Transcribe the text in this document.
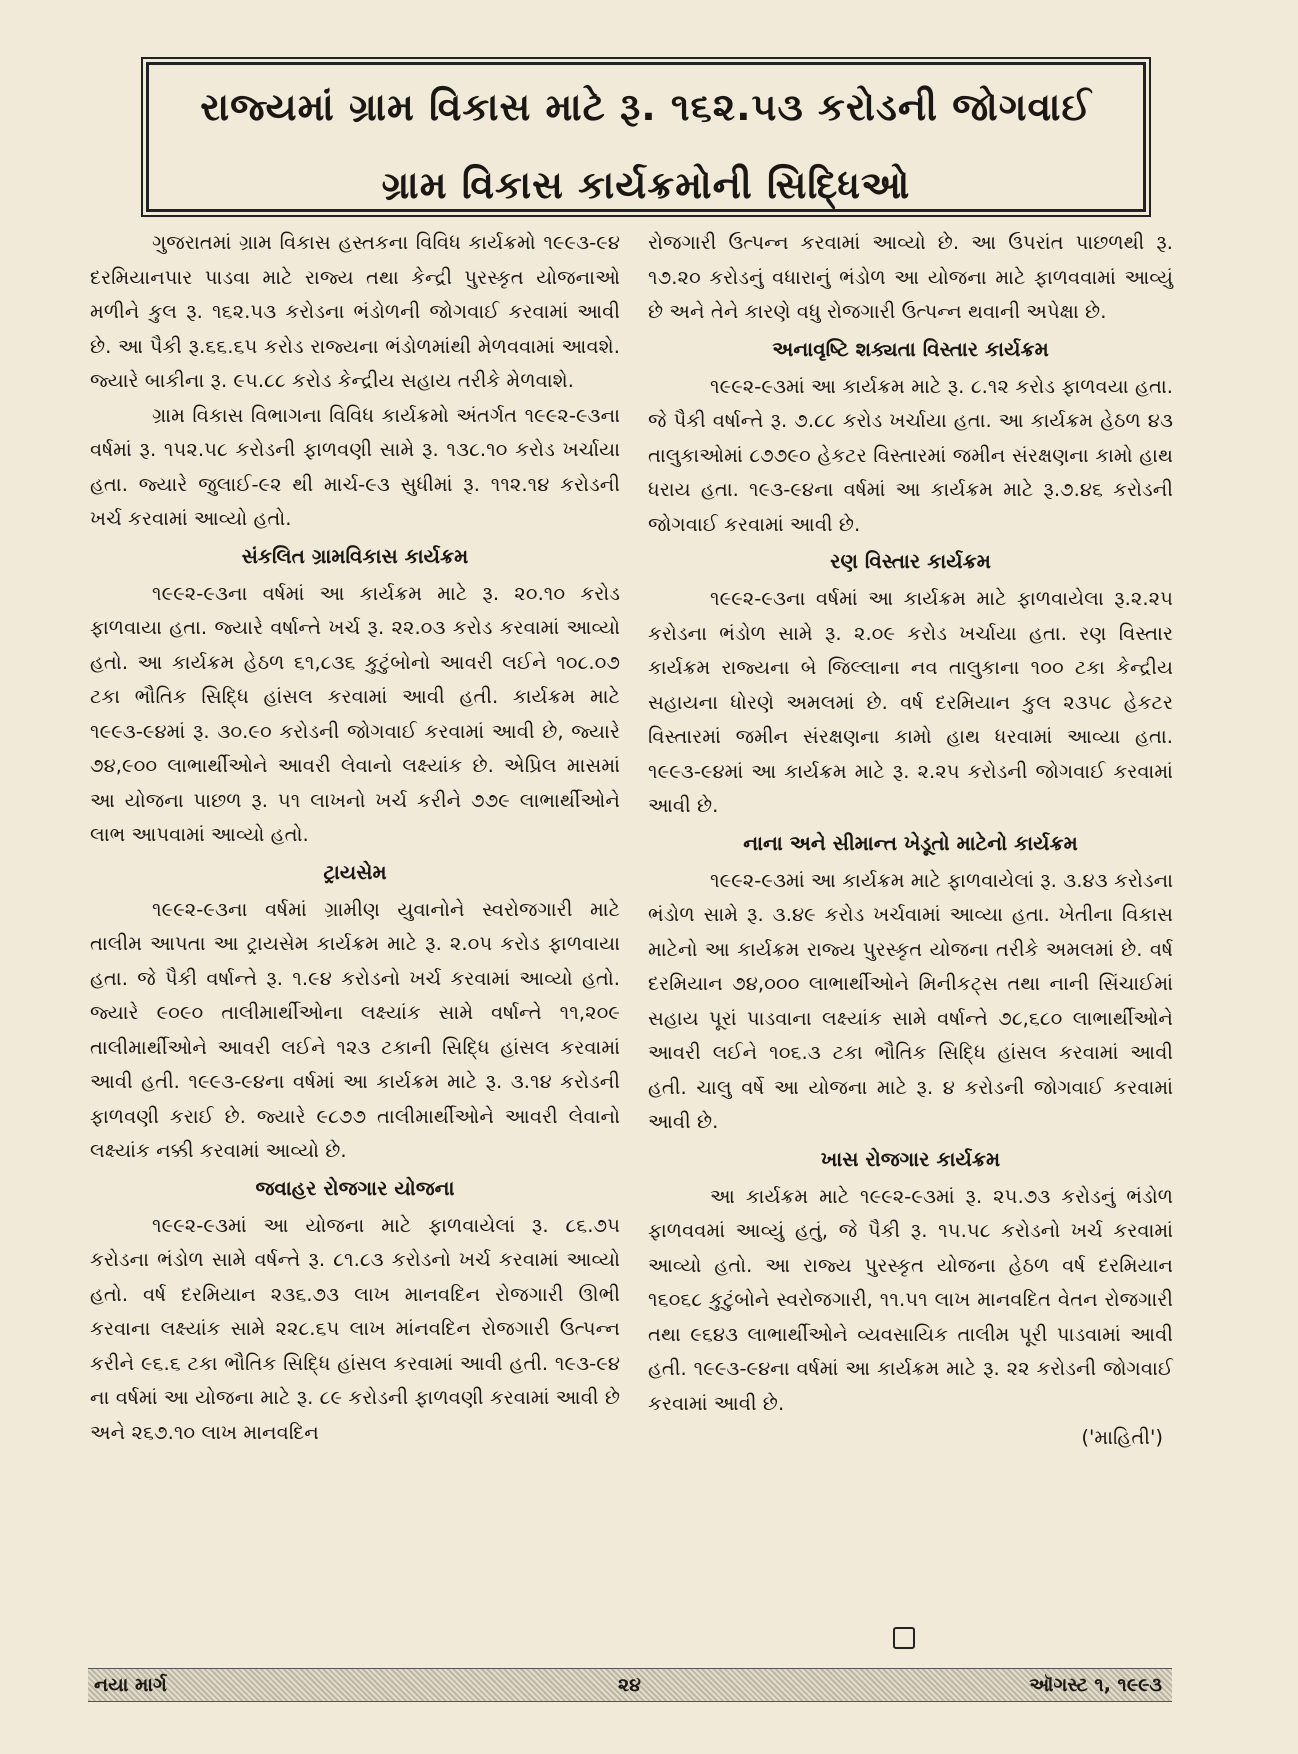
રાજ્યમાં ગ્રામ વિકાસ માટે રૂ. ૧૬૨.૫૩ કરોડની જોગવાઈ
ગ્રામ વિકાસ કાર્યક્રમોની સિદ્ધિઓ

ગુજરાતમાં ગ્રામ વિકાસ હસ્તકના વિવિધ કાર્યક્રમો ૧૯૯૩-૯૪ દરમિયાનપાર પાડવા માટે રાજ્ય તથા કેન્દ્રી પુરસ્કૃત યોજનાઓ મળીને કુલ રૂ. ૧૬૨.૫૩ કરોડના ભંડોળની જોગવાઈ કરવામાં આવી છે. આ પૈકી રૂ.૬૬.૬૫ કરોડ રાજ્યના ભંડોળમાંથી મેળવવામાં આવશે. જ્યારે બાકીના રૂ. ૯૫.૮૮ કરોડ કેન્દ્રીય સહાય તરીકે મેળવાશે.

ગ્રામ વિકાસ વિભાગના વિવિધ કાર્યક્રમો અંતર્ગત ૧૯૯૨-૯૩ના વર્ષમાં રૂ. ૧૫૨.૫૮ કરોડની ફાળવણી સામે રૂ. ૧૩૮.૧૦ કરોડ ખર્ચાયા હતા. જ્યારે જુલાઈ-૯૨ થી માર્ચ-૯૩ સુધીમાં રૂ. ૧૧૨.૧૪ કરોડની ખર્ચ કરવામાં આવ્યો હતો.

સંકલિત ગ્રામવિકાસ કાર્યક્રમ

૧૯૯૨-૯૩ના વર્ષમાં આ કાર્યક્રમ માટે રૂ. ૨૦.૧૦ કરોડ ફાળવાયા હતા. જ્યારે વર્ષાન્તે ખર્ચ રૂ. ૨૨.૦૩ કરોડ કરવામાં આવ્યો હતો. આ કાર્યક્રમ હેઠળ ૬૧,૮૩૬ કુટુંબોનો આવરી લઈને ૧૦૮.૦૭ ટકા ભૌતિક સિદ્ધિ હાંસલ કરવામાં આવી હતી. કાર્યક્રમ માટે ૧૯૯૩-૯૪માં રૂ. ૩૦.૯૦ કરોડની જોગવાઈ કરવામાં આવી છે, જ્યારે ૭૪,૯૦૦ લાભાર્થીઓને આવરી લેવાનો લક્ષ્યાંક છે. એપ્રિલ માસમાં આ યોજના પાછળ રૂ. ૫૧ લાખનો ખર્ચ કરીને ૭૭૯ લાભાર્થીઓને લાભ આપવામાં આવ્યો હતો.

ટ્રાયસેમ

૧૯૯૨-૯૩ના વર્ષમાં ગ્રામીણ યુવાનોને સ્વરોજગારી માટે તાલીમ આપતા આ ટ્રાયસેમ કાર્યક્રમ માટે રૂ. ૨.૦૫ કરોડ ફાળવાયા હતા. જે પૈકી વર્ષાન્તે રૂ. ૧.૯૪ કરોડનો ખર્ચ કરવામાં આવ્યો હતો. જ્યારે ૯૦૯૦ તાલીમાર્થીઓના લક્ષ્યાંક સામે વર્ષાન્તે ૧૧,૨૦૯ તાલીમાર્થીઓને આવરી લઈને ૧૨૩ ટકાની સિદ્ધિ હાંસલ કરવામાં આવી હતી. ૧૯૯૩-૯૪ના વર્ષમાં આ કાર્યક્રમ માટે રૂ. ૩.૧૪ કરોડની ફાળવણી કરાઈ છે. જ્યારે ૯૮૭૭ તાલીમાર્થીઓને આવરી લેવાનો લક્ષ્યાંક નક્કી કરવામાં આવ્યો છે.

જવાહર રોજગાર યોજના

૧૯૯૨-૯૩માં આ યોજના માટે ફાળવાયેલાં રૂ. ૮૬.૭૫ કરોડના ભંડોળ સામે વર્ષન્તે રૂ. ૮૧.૮૩ કરોડનો ખર્ચ કરવામાં આવ્યો હતો. વર્ષ દરમિયાન ૨૩૬.૭૩ લાખ માનવદિન રોજગારી ઊભી કરવાના લક્ષ્યાંક સામે ૨૨૮.૬૫ લાખ માંનવદિન રોજગારી ઉત્પન્ન કરીને ૯૬.૬ ટકા ભૌતિક સિદ્ધિ હાંસલ કરવામાં આવી હતી. ૧૯૩-૯૪ ના વર્ષમાં આ યોજના માટે રૂ. ૮૯ કરોડની ફાળવણી કરવામાં આવી છે અને ૨૬૭.૧૦ લાખ માનવદિન

રોજગારી ઉત્પન્ન કરવામાં આવ્યો છે. આ ઉપરાંત પાછળથી રૂ. ૧૭.૨૦ કરોડનું વધારાનું ભંડોળ આ યોજના માટે ફાળવવામાં આવ્યું છે અને તેને કારણે વધુ રોજગારી ઉત્પન્ન થવાની અપેક્ષા છે.

અનાવૃષ્ટિ શક્યતા વિસ્તાર કાર્યક્રમ

૧૯૯૨-૯૩માં આ કાર્યક્રમ માટે રૂ. ૮.૧૨ કરોડ ફાળવયા હતા. જે પૈકી વર્ષાન્તે રૂ. ૭.૮૮ કરોડ ખર્ચાયા હતા. આ કાર્યક્રમ હેઠળ ૪૩ તાલુકાઓમાં ૮૭૭૯૦ હેકટર વિસ્તારમાં જમીન સંરક્ષણના કામો હાથ ધરાય હતા. ૧૯૩-૯૪ના વર્ષમાં આ કાર્યક્રમ માટે રૂ.૭.૪૬ કરોડની જોગવાઈ કરવામાં આવી છે.

રણ વિસ્તાર કાર્યક્રમ

૧૯૯૨-૯૩ના વર્ષમાં આ કાર્યક્રમ માટે ફાળવાયેલા રૂ.૨.૨૫ કરોડના ભંડોળ સામે રૂ. ૨.૦૯ કરોડ ખર્ચાયા હતા. રણ વિસ્તાર કાર્યક્રમ રાજ્યના બે જિલ્લાના નવ તાલુકાના ૧૦૦ ટકા કેન્દ્રીય સહાયના ધોરણે અમલમાં છે. વર્ષ દરમિયાન કુલ ૨૩૫૮ હેકટર વિસ્તારમાં જમીન સંરક્ષણના કામો હાથ ધરવામાં આવ્યા હતા. ૧૯૯૩-૯૪માં આ કાર્યક્રમ માટે રૂ. ૨.૨૫ કરોડની જોગવાઈ કરવામાં આવી છે.

નાના અને સીમાન્ત ખેડૂતો માટેનો કાર્યક્રમ

૧૯૯૨-૯૩માં આ કાર્યક્રમ માટે ફાળવાયેલાં રૂ. ૩.૪૩ કરોડના ભંડોળ સામે રૂ. ૩.૪૯ કરોડ ખર્ચવામાં આવ્યા હતા. ખેતીના વિકાસ માટેનો આ કાર્યક્રમ રાજ્ય પુરસ્કૃત યોજના તરીકે અમલમાં છે. વર્ષ દરમિયાન ૭૪,૦૦૦ લાભાર્થીઓને મિનીકટ્સ તથા નાની સિંચાઈમાં સહાય પૂરાં પાડવાના લક્ષ્યાંક સામે વર્ષાન્તે ૭૮,૬૮૦ લાભાર્થીઓને આવરી લઈને ૧૦૬.૩ ટકા ભૌતિક સિદ્ધિ હાંસલ કરવામાં આવી હતી. ચાલુ વર્ષે આ યોજના માટે રૂ. ૪ કરોડની જોગવાઈ કરવામાં આવી છે.

ખાસ રોજગાર કાર્યક્રમ

આ કાર્યક્રમ માટે ૧૯૯૨-૯૩માં રૂ. ૨૫.૭૩ કરોડનું ભંડોળ ફાળવવમાં આવ્યું હતું, જે પૈકી રૂ. ૧૫.૫૮ કરોડનો ખર્ચ કરવામાં આવ્યો હતો. આ રાજ્ય પુરસ્કૃત યોજના હેઠળ વર્ષ દરમિયાન ૧૬૦૬૮ કુટુંબોને સ્વરોજગારી, ૧૧.૫૧ લાખ માનવદિત વેતન રોજગારી તથા ૯૬૪૩ લાભાર્થીઓને વ્યવસાયિક તાલીમ પૂરી પાડવામાં આવી હતી. ૧૯૯૩-૯૪ના વર્ષમાં આ કાર્યક્રમ માટે રૂ. ૨૨ કરોડની જોગવાઈ કરવામાં આવી છે.

('માહિતી')

નયા માર્ગ	૨૪	ઑગસ્ટ ૧, ૧૯૯૩
